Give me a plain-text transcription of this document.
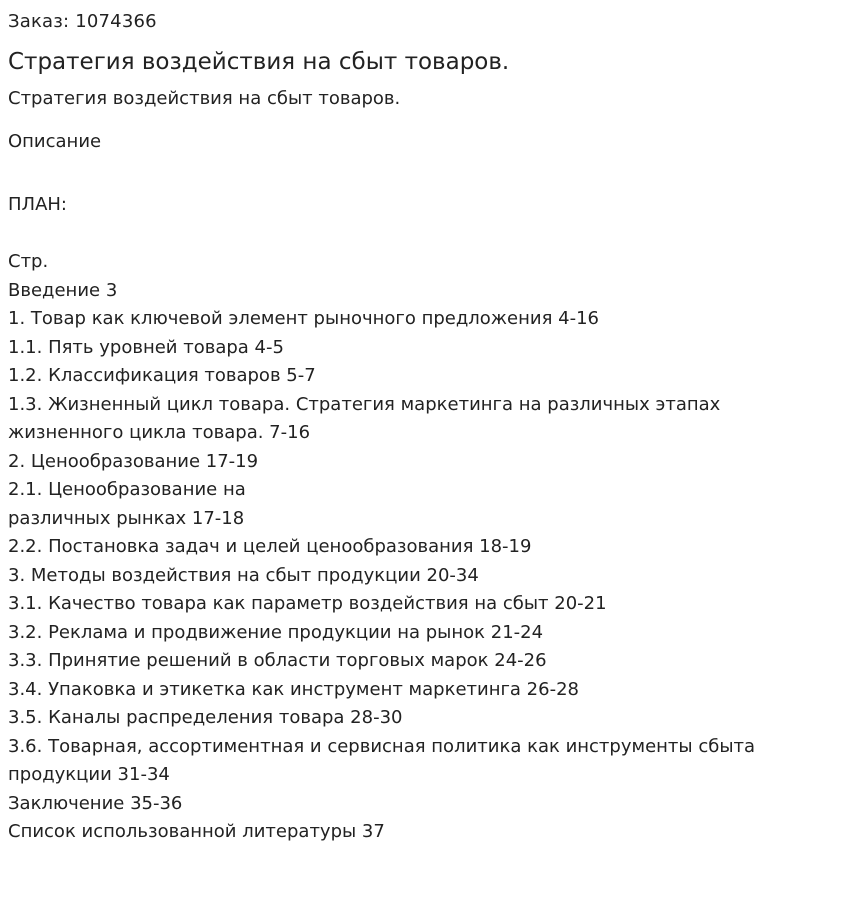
Заказ: 1074366
Стратегия воздействия на сбыт товаров.
Стратегия воздействия на сбыт товаров.
Описание
ПЛАН:
Стр.
Введение 3
1. Товар как ключевой элемент рыночного предложения 4-16
1.1. Пять уровней товара 4-5
1.2. Классификация товаров 5-7
1.3. Жизненный цикл товара. Стратегия маркетинга на различных этапах
жизненного цикла товара. 7-16
2. Ценообразование 17-19
2.1. Ценообразование на
различных рынках 17-18
2.2. Постановка задач и целей ценообразования 18-19
3. Методы воздействия на сбыт продукции 20-34
3.1. Качество товара как параметр воздействия на сбыт 20-21
3.2. Реклама и продвижение продукции на рынок 21-24
3.3. Принятие решений в области торговых марок 24-26
3.4. Упаковка и этикетка как инструмент маркетинга 26-28
3.5. Каналы распределения товара 28-30
3.6. Товарная, ассортиментная и сервисная политика как инструменты сбыта
продукции 31-34
Заключение 35-36
Список использованной литературы 37
